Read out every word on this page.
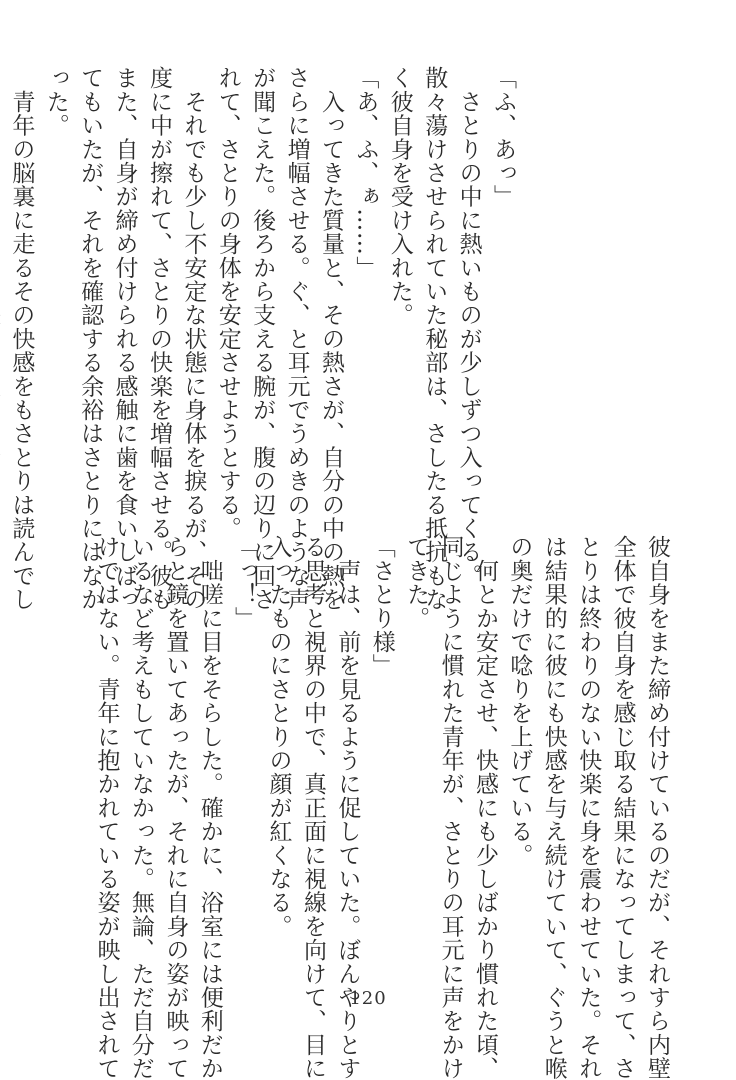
「ふ、あっ」

　さとりの中に熱いものが少しずつ入ってくる。

散々蕩けさせられていた秘部は、さしたる抵抗もな

く彼自身を受け入れた。

「あ、ふ、ぁ……」

　入ってきた質量と、その熱さが、自分の中の熱を

さらに増幅させる。ぐ、と耳元でうめきのような声

が聞こえた。後ろから支える腕が、腹の辺りに回さ

れて、さとりの身体を安定させようとする。

　それでも少し不安定な状態に身体を捩るが、その

度に中が擦れて、さとりの快楽を増幅させる。彼も

また、自身が締め付けられる感触に歯を食いしばっ

てもいたが、それを確認する余裕はさとりにはなか

った。

　青年の脳裏に走るその快感をもさとりは読んでし

彼自身をまた締め付けているのだが、それすら内壁

全体で彼自身を感じ取る結果になってしまって、さ

とりは終わりのない快楽に身を震わせていた。それ

は結果的に彼にも快感を与え続けていて、ぐうと喉

の奥だけで唸りを上げている。

　何とか安定させ、快感にも少しばかり慣れた頃、

同じように慣れた青年が、さとりの耳元に声をかけ

てきた。

「さとり様」

　声は、前を見るように促していた。ぼんやりとす

る思考と視界の中で、真正面に視線を向けて、目に

入ったものにさとりの顔が紅くなる。

「っ！」

　咄嗟に目をそらした。確かに、浴室には便利だか

らと鏡を置いてあったが、それに自身の姿が映って

いるなど考えもしていなかった。無論、ただ自分だ

けではない。青年に抱かれている姿が映し出されて	120
